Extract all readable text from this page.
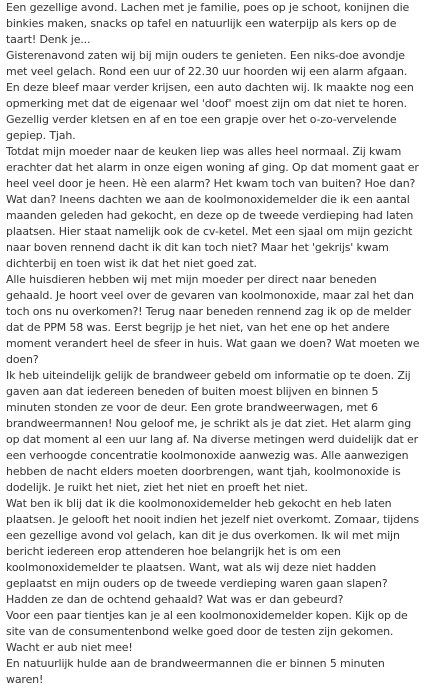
Een gezellige avond. Lachen met je familie, poes op je schoot, konijnen die binkies maken, snacks op tafel en natuurlijk een waterpijp als kers op de taart! Denk je...

Gisterenavond zaten wij bij mijn ouders te genieten. Een niks-doe avondje met veel gelach. Rond een uur of 22.30 uur hoorden wij een alarm afgaan. En deze bleef maar verder krijsen, een auto dachten wij. Ik maakte nog een opmerking met dat de eigenaar wel 'doof' moest zijn om dat niet te horen. Gezellig verder kletsen en af en toe een grapje over het o-zo-vervelende gepiep. Tjah.

Totdat mijn moeder naar de keuken liep was alles heel normaal. Zij kwam erachter dat het alarm in onze eigen woning af ging. Op dat moment gaat er heel veel door je heen. Hè een alarm? Het kwam toch van buiten? Hoe dan? Wat dan? Ineens dachten we aan de koolmonoxidemelder die ik een aantal maanden geleden had gekocht, en deze op de tweede verdieping had laten plaatsen. Hier staat namelijk ook de cv-ketel. Met een sjaal om mijn gezicht naar boven rennend dacht ik dit kan toch niet? Maar het 'gekrijs' kwam dichterbij en toen wist ik dat het niet goed zat.

Alle huisdieren hebben wij met mijn moeder per direct naar beneden gehaald. Je hoort veel over de gevaren van koolmonoxide, maar zal het dan toch ons nu overkomen?! Terug naar beneden rennend zag ik op de melder dat de PPM 58 was. Eerst begrijp je het niet, van het ene op het andere moment verandert heel de sfeer in huis. Wat gaan we doen? Wat moeten we doen?

Ik heb uiteindelijk gelijk de brandweer gebeld om informatie op te doen. Zij gaven aan dat iedereen beneden of buiten moest blijven en binnen 5 minuten stonden ze voor de deur. Een grote brandweerwagen, met 6 brandweermannen! Nou geloof me, je schrikt als je dat ziet. Het alarm ging op dat moment al een uur lang af. Na diverse metingen werd duidelijk dat er een verhoogde concentratie koolmonoxide aanwezig was. Alle aanwezigen hebben de nacht elders moeten doorbrengen, want tjah, koolmonoxide is dodelijk. Je ruikt het niet, ziet het niet en proeft het niet.

Wat ben ik blij dat ik die koolmonoxidemelder heb gekocht en heb laten plaatsen. Je gelooft het nooit indien het jezelf niet overkomt. Zomaar, tijdens een gezellige avond vol gelach, kan dit je dus overkomen. Ik wil met mijn bericht iedereen erop attenderen hoe belangrijk het is om een koolmonoxidemelder te plaatsen. Want, wat als wij deze niet hadden geplaatst en mijn ouders op de tweede verdieping waren gaan slapen? Hadden ze dan de ochtend gehaald? Wat was er dan gebeurd?

Voor een paar tientjes kan je al een koolmonoxidemelder kopen. Kijk op de site van de consumentenbond welke goed door de testen zijn gekomen. Wacht er aub niet mee!

En natuurlijk hulde aan de brandweermannen die er binnen 5 minuten waren!
